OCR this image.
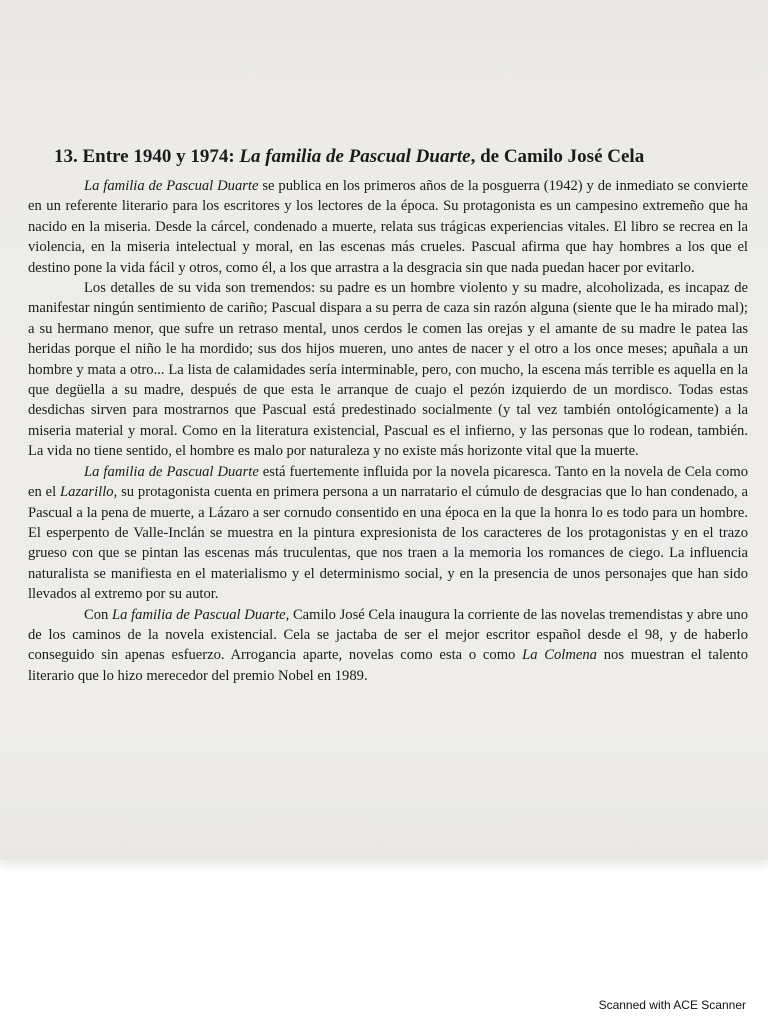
13. Entre 1940 y 1974: La familia de Pascual Duarte, de Camilo José Cela

La familia de Pascual Duarte se publica en los primeros años de la posguerra (1942) y de inmediato se convierte en un referente literario para los escritores y los lectores de la época. Su protagonista es un campesino extremeño que ha nacido en la miseria. Desde la cárcel, condenado a muerte, relata sus trágicas experiencias vitales. El libro se recrea en la violencia, en la miseria intelectual y moral, en las escenas más crueles. Pascual afirma que hay hombres a los que el destino pone la vida fácil y otros, como él, a los que arrastra a la desgracia sin que nada puedan hacer por evitarlo.

Los detalles de su vida son tremendos: su padre es un hombre violento y su madre, alcoholizada, es incapaz de manifestar ningún sentimiento de cariño; Pascual dispara a su perra de caza sin razón alguna (siente que le ha mirado mal); a su hermano menor, que sufre un retraso mental, unos cerdos le comen las orejas y el amante de su madre le patea las heridas porque el niño le ha mordido; sus dos hijos mueren, uno antes de nacer y el otro a los once meses; apuñala a un hombre y mata a otro... La lista de calamidades sería interminable, pero, con mucho, la escena más terrible es aquella en la que degüella a su madre, después de que esta le arranque de cuajo el pezón izquierdo de un mordisco. Todas estas desdichas sirven para mostrarnos que Pascual está predestinado socialmente (y tal vez también ontológicamente) a la miseria material y moral. Como en la literatura existencial, Pascual es el infierno, y las personas que lo rodean, también. La vida no tiene sentido, el hombre es malo por naturaleza y no existe más horizonte vital que la muerte.

La familia de Pascual Duarte está fuertemente influida por la novela picaresca. Tanto en la novela de Cela como en el Lazarillo, su protagonista cuenta en primera persona a un narratario el cúmulo de desgracias que lo han condenado, a Pascual a la pena de muerte, a Lázaro a ser cornudo consentido en una época en la que la honra lo es todo para un hombre. El esperpento de Valle-Inclán se muestra en la pintura expresionista de los caracteres de los protagonistas y en el trazo grueso con que se pintan las escenas más truculentas, que nos traen a la memoria los romances de ciego. La influencia naturalista se manifiesta en el materialismo y el determinismo social, y en la presencia de unos personajes que han sido llevados al extremo por su autor.

Con La familia de Pascual Duarte, Camilo José Cela inaugura la corriente de las novelas tremendistas y abre uno de los caminos de la novela existencial. Cela se jactaba de ser el mejor escritor español desde el 98, y de haberlo conseguido sin apenas esfuerzo. Arrogancia aparte, novelas como esta o como La Colmena nos muestran el talento literario que lo hizo merecedor del premio Nobel en 1989.

Scanned with ACE Scanner
